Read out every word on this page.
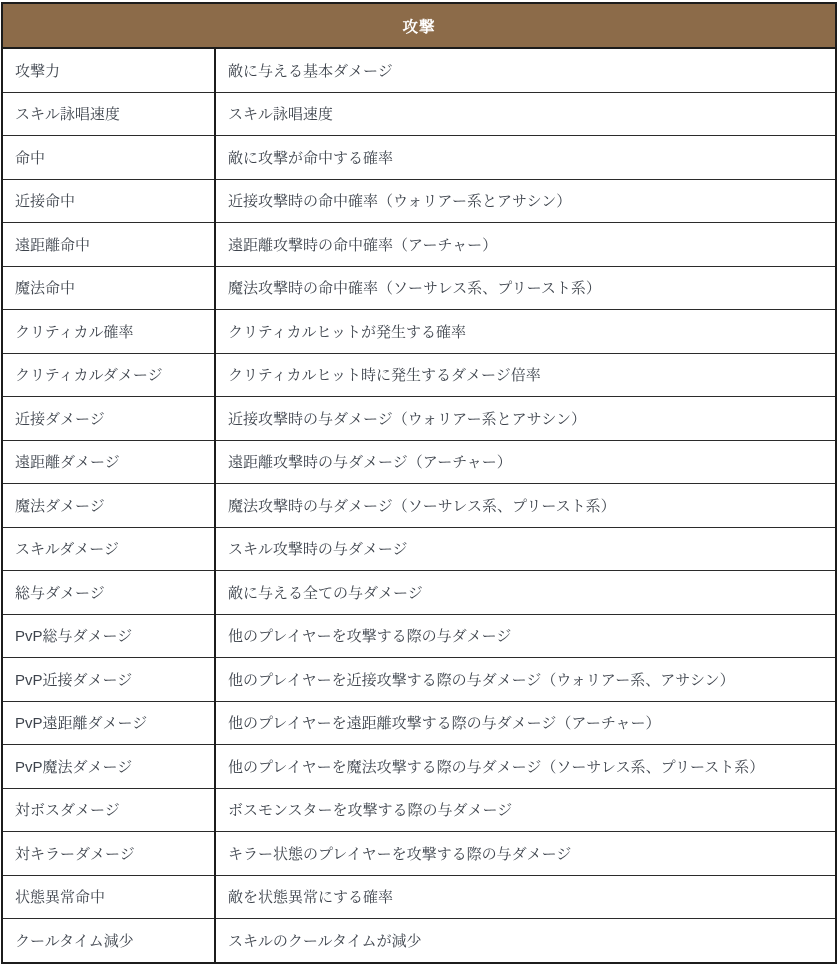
攻撃	
攻撃力	敵に与える基本ダメージ
スキル詠唱速度	スキル詠唱速度
命中	敵に攻撃が命中する確率
近接命中	近接攻撃時の命中確率（ウォリアー系とアサシン）
遠距離命中	遠距離攻撃時の命中確率（アーチャー）
魔法命中	魔法攻撃時の命中確率（ソーサレス系、プリースト系）
クリティカル確率	クリティカルヒットが発生する確率
クリティカルダメージ	クリティカルヒット時に発生するダメージ倍率
近接ダメージ	近接攻撃時の与ダメージ（ウォリアー系とアサシン）
遠距離ダメージ	遠距離攻撃時の与ダメージ（アーチャー）
魔法ダメージ	魔法攻撃時の与ダメージ（ソーサレス系、プリースト系）
スキルダメージ	スキル攻撃時の与ダメージ
総与ダメージ	敵に与える全ての与ダメージ
PvP総与ダメージ	他のプレイヤーを攻撃する際の与ダメージ
PvP近接ダメージ	他のプレイヤーを近接攻撃する際の与ダメージ（ウォリアー系、アサシン）
PvP遠距離ダメージ	他のプレイヤーを遠距離攻撃する際の与ダメージ（アーチャー）
PvP魔法ダメージ	他のプレイヤーを魔法攻撃する際の与ダメージ（ソーサレス系、プリースト系）
対ボスダメージ	ボスモンスターを攻撃する際の与ダメージ
対キラーダメージ	キラー状態のプレイヤーを攻撃する際の与ダメージ
状態異常命中	敵を状態異常にする確率
クールタイム減少	スキルのクールタイムが減少
